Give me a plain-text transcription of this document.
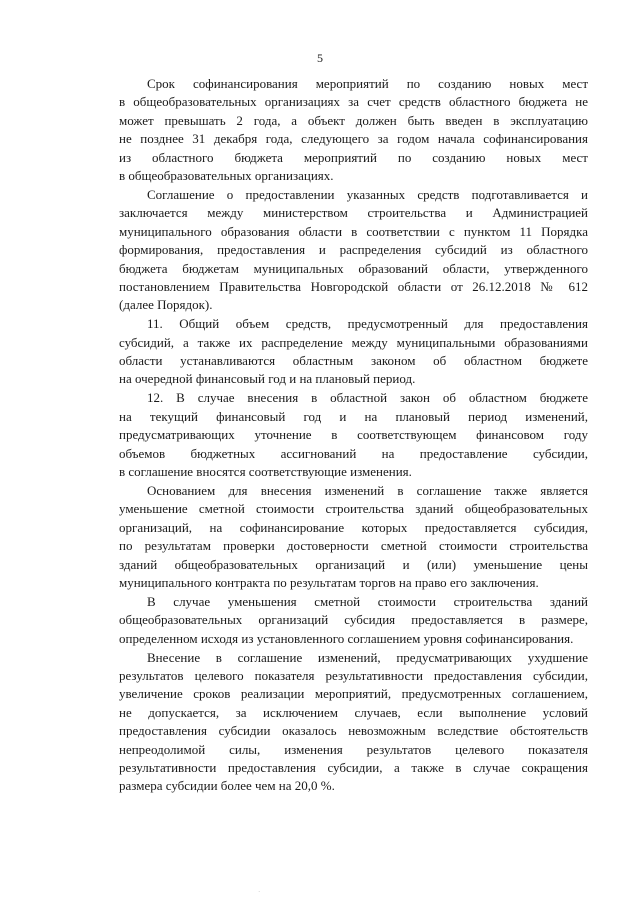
5
Срок софинансирования мероприятий по созданию новых мест
в общеобразовательных организациях за счет средств областного бюджета не
может превышать 2 года, а объект должен быть введен в эксплуатацию
не позднее 31 декабря года, следующего за годом начала софинансирования
из областного бюджета мероприятий по созданию новых мест
в общеобразовательных организациях.
Соглашение о предоставлении указанных средств подготавливается и
заключается между министерством строительства и Администрацией
муниципального образования области в соответствии с пунктом 11 Порядка
формирования, предоставления и распределения субсидий из областного
бюджета бюджетам муниципальных образований области, утвержденного
постановлением Правительства Новгородской области от 26.12.2018 № 612
(далее Порядок).
11. Общий объем средств, предусмотренный для предоставления
субсидий, а также их распределение между муниципальными образованиями
области устанавливаются областным законом об областном бюджете
на очередной финансовый год и на плановый период.
12. В случае внесения в областной закон об областном бюджете
на текущий финансовый год и на плановый период изменений,
предусматривающих уточнение в соответствующем финансовом году
объемов бюджетных ассигнований на предоставление субсидии,
в соглашение вносятся соответствующие изменения.
Основанием для внесения изменений в соглашение также является
уменьшение сметной стоимости строительства зданий общеобразовательных
организаций, на софинансирование которых предоставляется субсидия,
по результатам проверки достоверности сметной стоимости строительства
зданий общеобразовательных организаций и (или) уменьшение цены
муниципального контракта по результатам торгов на право его заключения.
В случае уменьшения сметной стоимости строительства зданий
общеобразовательных организаций субсидия предоставляется в размере,
определенном исходя из установленного соглашением уровня софинансирования.
Внесение в соглашение изменений, предусматривающих ухудшение
результатов целевого показателя результативности предоставления субсидии,
увеличение сроков реализации мероприятий, предусмотренных соглашением,
не допускается, за исключением случаев, если выполнение условий
предоставления субсидии оказалось невозможным вследствие обстоятельств
непреодолимой силы, изменения результатов целевого показателя
результативности предоставления субсидии, а также в случае сокращения
размера субсидии более чем на 20,0 %.
·
